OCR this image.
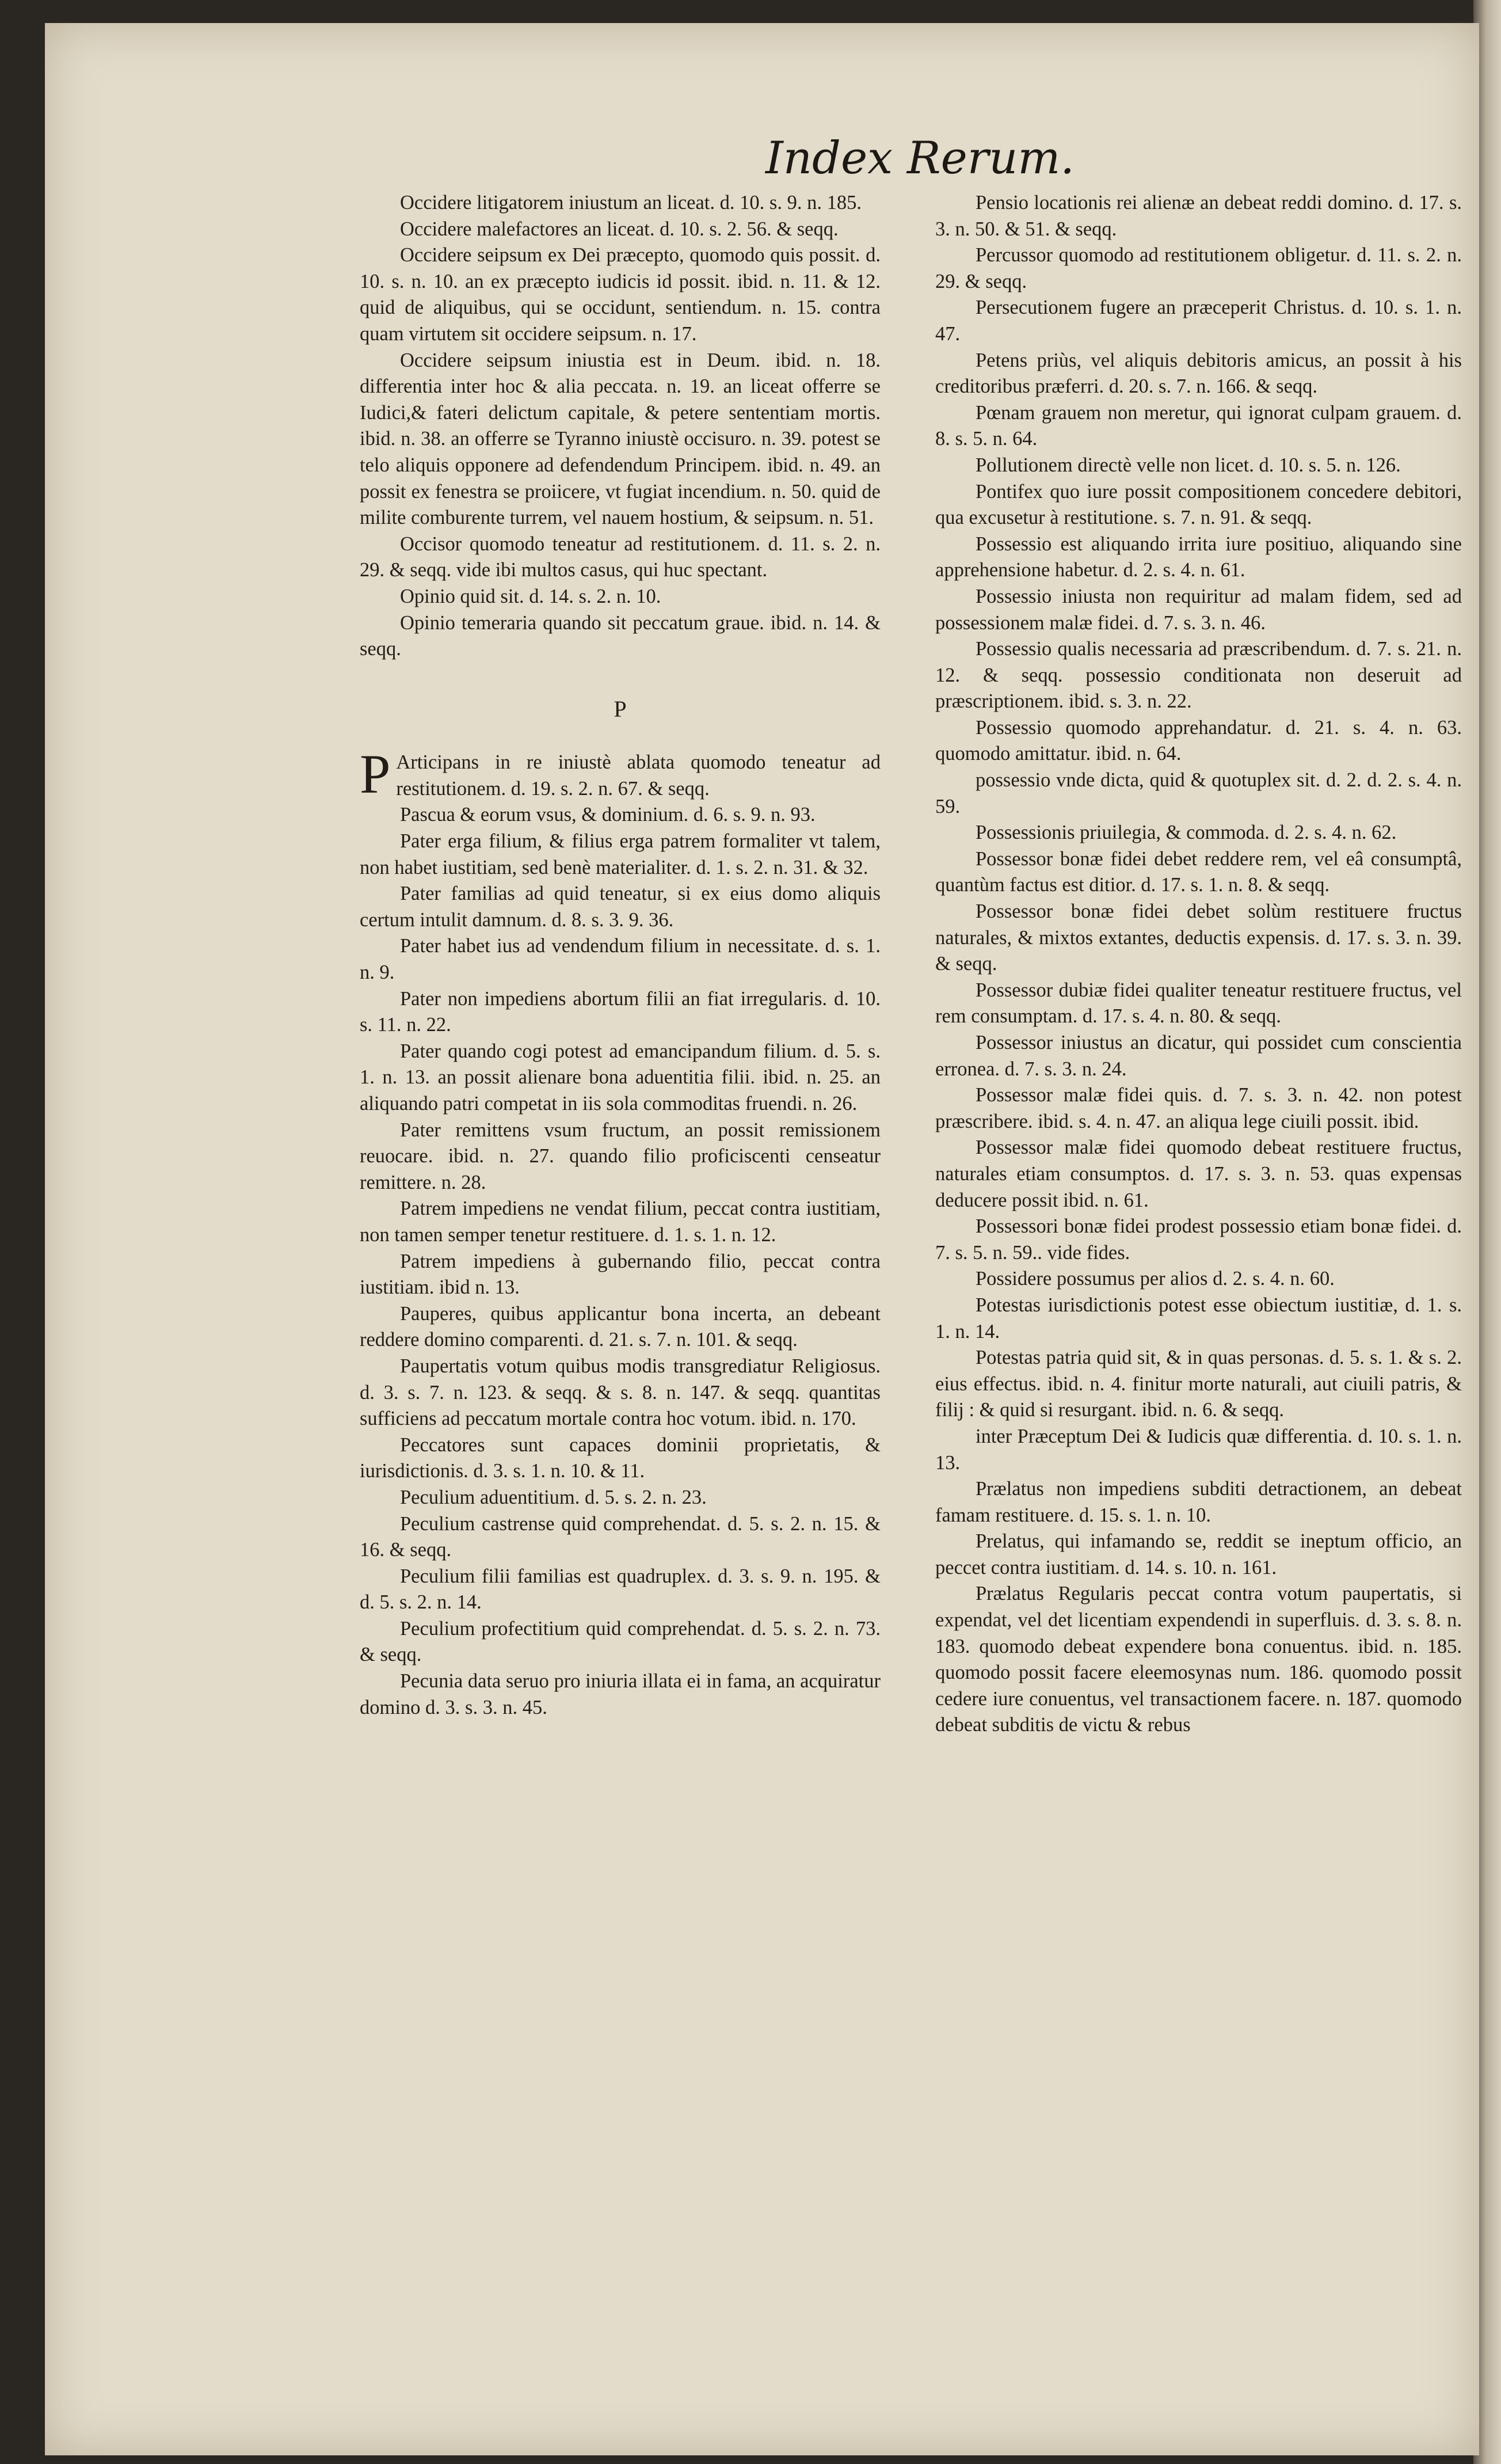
Index Rerum.

Occidere litigatorem iniustum an liceat. d. 10. s. 9. n. 185.

Occidere malefactores an liceat. d. 10. s. 2. 56. & seqq.

Occidere seipsum ex Dei præcepto, quomodo quis possit. d. 10. s. n. 10. an ex præcepto iudicis id possit. ibid. n. 11. & 12. quid de aliquibus, qui se occidunt, sentiendum. n. 15. contra quam virtutem sit occidere seipsum. n. 17.

Occidere seipsum iniustia est in Deum. ibid. n. 18. differentia inter hoc & alia peccata. n. 19. an liceat offerre se Iudici,& fateri delictum capitale, & petere sententiam mortis. ibid. n. 38. an offerre se Tyranno iniustè occisuro. n. 39. potest se telo aliquis opponere ad defendendum Principem. ibid. n. 49. an possit ex fenestra se proiicere, vt fugiat incendium. n. 50. quid de milite comburente turrem, vel nauem hostium, & seipsum. n. 51.

Occisor quomodo teneatur ad restitutionem. d. 11. s. 2. n. 29. & seqq. vide ibi multos casus, qui huc spectant.

Opinio quid sit. d. 14. s. 2. n. 10.

Opinio temeraria quando sit peccatum graue. ibid. n. 14. & seqq.

P

P Articipans in re iniustè ablata quomodo teneatur ad restitutionem. d. 19. s. 2. n. 67. & seqq.

Pascua & eorum vsus, & dominium. d. 6. s. 9. n. 93.

Pater erga filium, & filius erga patrem formaliter vt talem, non habet iustitiam, sed benè materialiter. d. 1. s. 2. n. 31. & 32.

Pater familias ad quid teneatur, si ex eius domo aliquis certum intulit damnum. d. 8. s. 3. 9. 36.

Pater habet ius ad vendendum filium in necessitate. d. s. 1. n. 9.

Pater non impediens abortum filii an fiat irregularis. d. 10. s. 11. n. 22.

Pater quando cogi potest ad emancipandum filium. d. 5. s. 1. n. 13. an possit alienare bona aduentitia filii. ibid. n. 25. an aliquando patri competat in iis sola commoditas fruendi. n. 26.

Pater remittens vsum fructum, an possit remissionem reuocare. ibid. n. 27. quando filio proficiscenti censeatur remittere. n. 28.

Patrem impediens ne vendat filium, peccat contra iustitiam, non tamen semper tenetur restituere. d. 1. s. 1. n. 12.

Patrem impediens à gubernando filio, peccat contra iustitiam. ibid n. 13.

Pauperes, quibus applicantur bona incerta, an debeant reddere domino comparenti. d. 21. s. 7. n. 101. & seqq.

Paupertatis votum quibus modis transgrediatur Religiosus. d. 3. s. 7. n. 123. & seqq. & s. 8. n. 147. & seqq. quantitas sufficiens ad peccatum mortale contra hoc votum. ibid. n. 170.

Peccatores sunt capaces dominii proprietatis, & iurisdictionis. d. 3. s. 1. n. 10. & 11.

Peculium aduentitium. d. 5. s. 2. n. 23.

Peculium castrense quid comprehendat. d. 5. s. 2. n. 15. & 16. & seqq.

Peculium filii familias est quadruplex. d. 3. s. 9. n. 195. & d. 5. s. 2. n. 14.

Peculium profectitium quid comprehendat. d. 5. s. 2. n. 73. & seqq.

Pecunia data seruo pro iniuria illata ei in fama, an acquiratur domino d. 3. s. 3. n. 45.

Pensio locationis rei alienæ an debeat reddi domino. d. 17. s. 3. n. 50. & 51. & seqq.

Percussor quomodo ad restitutionem obligetur. d. 11. s. 2. n. 29. & seqq.

Persecutionem fugere an præceperit Christus. d. 10. s. 1. n. 47.

Petens priùs, vel aliquis debitoris amicus, an possit à his creditoribus præferri. d. 20. s. 7. n. 166. & seqq.

Pœnam grauem non meretur, qui ignorat culpam grauem. d. 8. s. 5. n. 64.

Pollutionem directè velle non licet. d. 10. s. 5. n. 126.

Pontifex quo iure possit compositionem concedere debitori, qua excusetur à restitutione. s. 7. n. 91. & seqq.

Possessio est aliquando irrita iure positiuo, aliquando sine apprehensione habetur. d. 2. s. 4. n. 61.

Possessio iniusta non requiritur ad malam fidem, sed ad possessionem malæ fidei. d. 7. s. 3. n. 46.

Possessio qualis necessaria ad præscribendum. d. 7. s. 21. n. 12. & seqq. possessio conditionata non deseruit ad præscriptionem. ibid. s. 3. n. 22.

Possessio quomodo apprehandatur. d. 21. s. 4. n. 63. quomodo amittatur. ibid. n. 64.

possessio vnde dicta, quid & quotuplex sit. d. 2. d. 2. s. 4. n. 59.

Possessionis priuilegia, & commoda. d. 2. s. 4. n. 62.

Possessor bonæ fidei debet reddere rem, vel eâ consumptâ, quantùm factus est ditior. d. 17. s. 1. n. 8. & seqq.

Possessor bonæ fidei debet solùm restituere fructus naturales, & mixtos extantes, deductis expensis. d. 17. s. 3. n. 39. & seqq.

Possessor dubiæ fidei qualiter teneatur restituere fructus, vel rem consumptam. d. 17. s. 4. n. 80. & seqq.

Possessor iniustus an dicatur, qui possidet cum conscientia erronea. d. 7. s. 3. n. 24.

Possessor malæ fidei quis. d. 7. s. 3. n. 42. non potest præscribere. ibid. s. 4. n. 47. an aliqua lege ciuili possit. ibid.

Possessor malæ fidei quomodo debeat restituere fructus, naturales etiam consumptos. d. 17. s. 3. n. 53. quas expensas deducere possit ibid. n. 61.

Possessori bonæ fidei prodest possessio etiam bonæ fidei. d. 7. s. 5. n. 59.. vide fides.

Possidere possumus per alios d. 2. s. 4. n. 60.

Potestas iurisdictionis potest esse obiectum iustitiæ, d. 1. s. 1. n. 14.

Potestas patria quid sit, & in quas personas. d. 5. s. 1. & s. 2. eius effectus. ibid. n. 4. finitur morte naturali, aut ciuili patris, & filij : & quid si resurgant. ibid. n. 6. & seqq.

inter Præceptum Dei & Iudicis quæ differentia. d. 10. s. 1. n. 13.

Prælatus non impediens subditi detractionem, an debeat famam restituere. d. 15. s. 1. n. 10.

Prelatus, qui infamando se, reddit se ineptum officio, an peccet contra iustitiam. d. 14. s. 10. n. 161.

Prælatus Regularis peccat contra votum paupertatis, si expendat, vel det licentiam expendendi in superfluis. d. 3. s. 8. n. 183. quomodo debeat expendere bona conuentus. ibid. n. 185. quomodo possit facere eleemosynas num. 186. quomodo possit cedere iure conuentus, vel transactionem facere. n. 187. quomodo debeat subditis de victu & rebus
